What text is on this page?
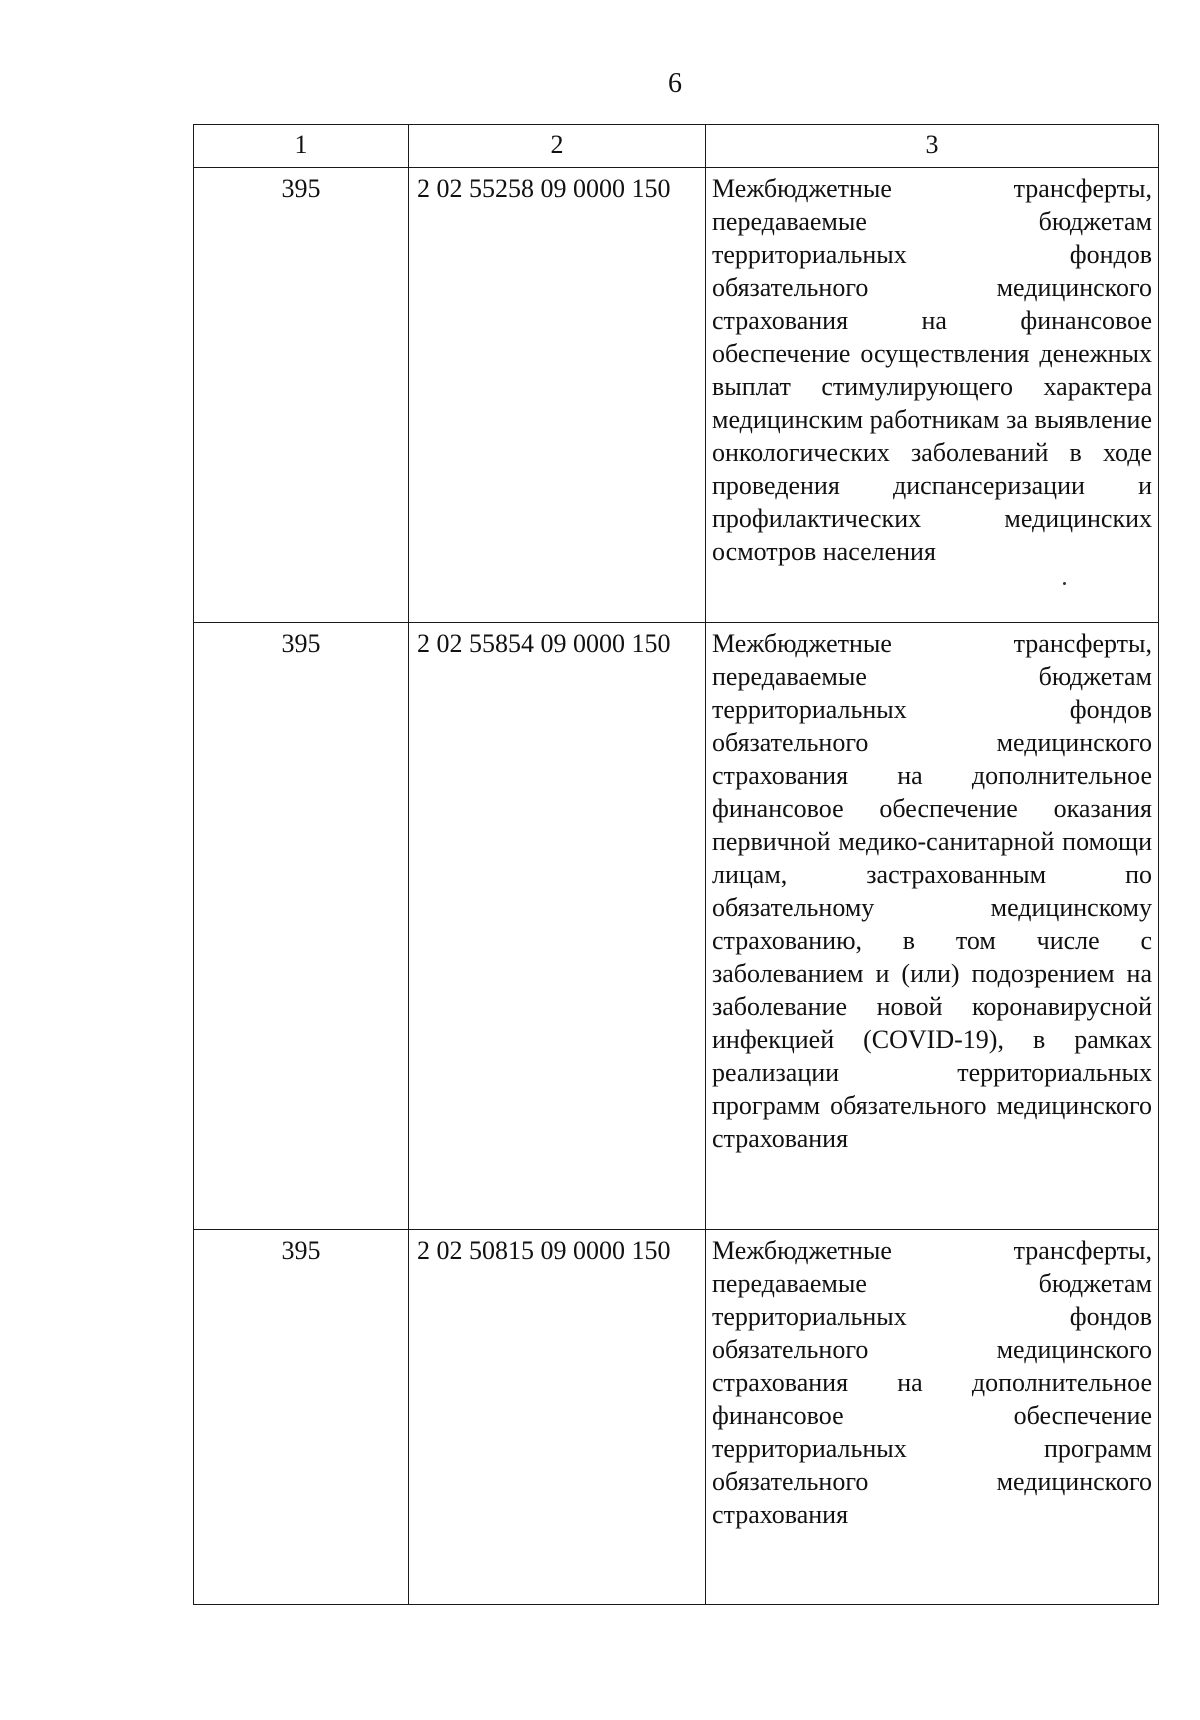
6
1	2	3
395	2 02 55258 09 0000 150	Межбюджетные трансферты, передаваемые бюджетам территориальных фондов обязательного медицинского страхования на финансовое обеспечение осуществления денежных выплат стимулирующего характера медицинским работникам за выявление онкологических заболеваний в ходе проведения диспансеризации и профилактических медицинских осмотров населения
395	2 02 55854 09 0000 150	Межбюджетные трансферты, передаваемые бюджетам территориальных фондов обязательного медицинского страхования на дополнительное финансовое обеспечение оказания первичной медико-санитарной помощи лицам, застрахованным по обязательному медицинскому страхованию, в том числе с заболеванием и (или) подозрением на заболевание новой коронавирусной инфекцией (COVID-19), в рамках реализации территориальных программ обязательного медицинского страхования
395	2 02 50815 09 0000 150	Межбюджетные трансферты, передаваемые бюджетам территориальных фондов обязательного медицинского страхования на дополнительное финансовое обеспечение территориальных программ обязательного медицинского страхования
